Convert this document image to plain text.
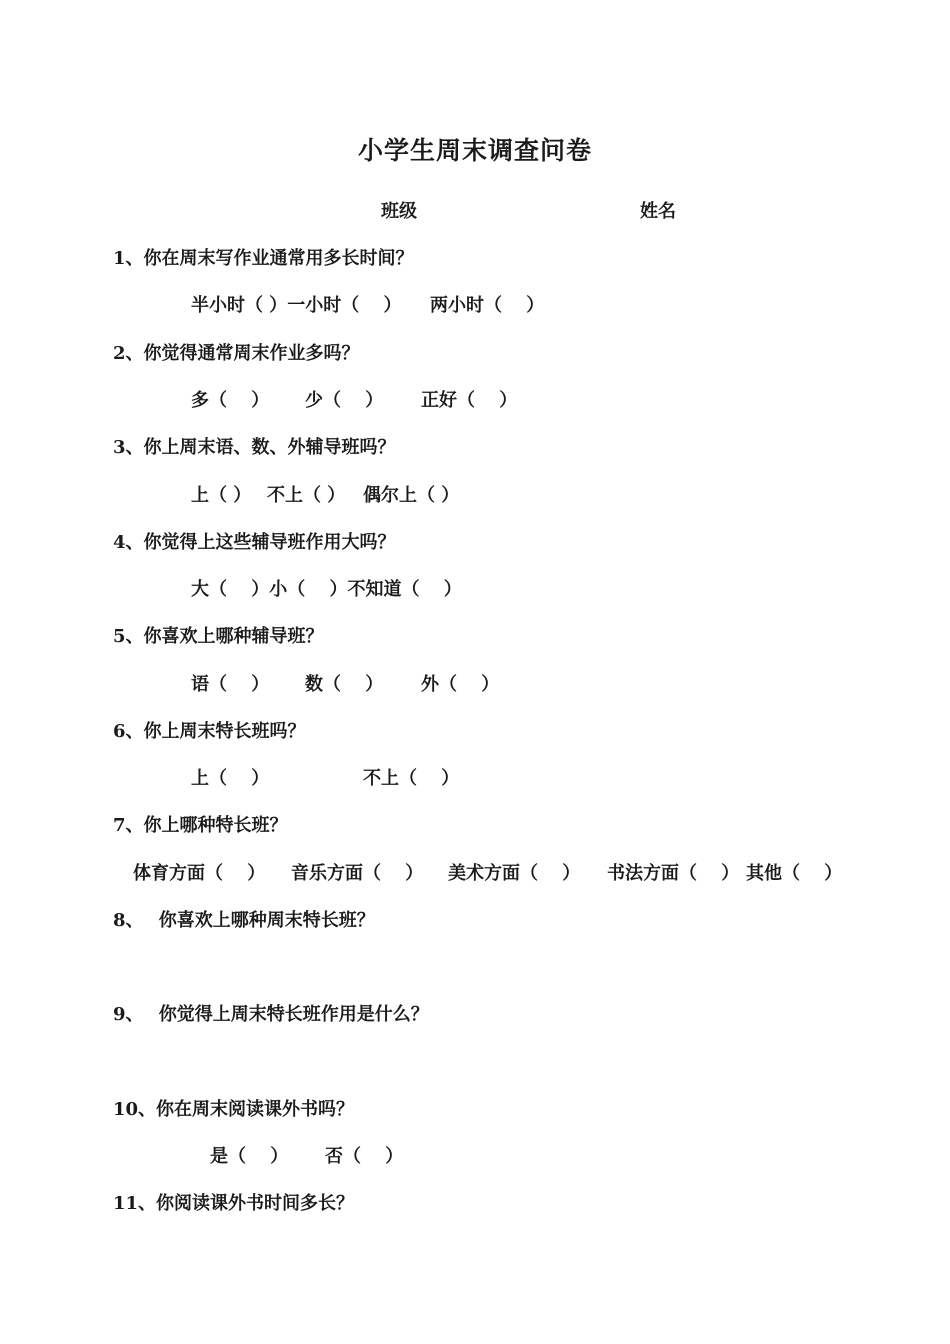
小学生周末调查问卷
班级	姓名
1、你在周末写作业通常用多长时间？
半小时（ ）一小时（　 ） 两小时（　 ）
2、你觉得通常周末作业多吗？
多（　 ） 少（　 ） 正好（　 ）
3、你上周末语、数、外辅导班吗？
上（ ） 不上（ ） 偶尔上（ ）
4、你觉得上这些辅导班作用大吗？
大（　 ）小（　 ）不知道（　 ）
5、你喜欢上哪种辅导班？
语（　 ） 数（　 ） 外（　 ）
6、你上周末特长班吗？
上（　 ）	不上（　 ）
7、你上哪种特长班？
体育方面（　 ） 音乐方面（　 ） 美术方面（　 ） 书法方面（　 ） 其他（　 ）
8、　 你喜欢上哪种周末特长班？
9、　 你觉得上周末特长班作用是什么？
10、你在周末阅读课外书吗？
是（　 ） 否（　 ）
11、你阅读课外书时间多长？
